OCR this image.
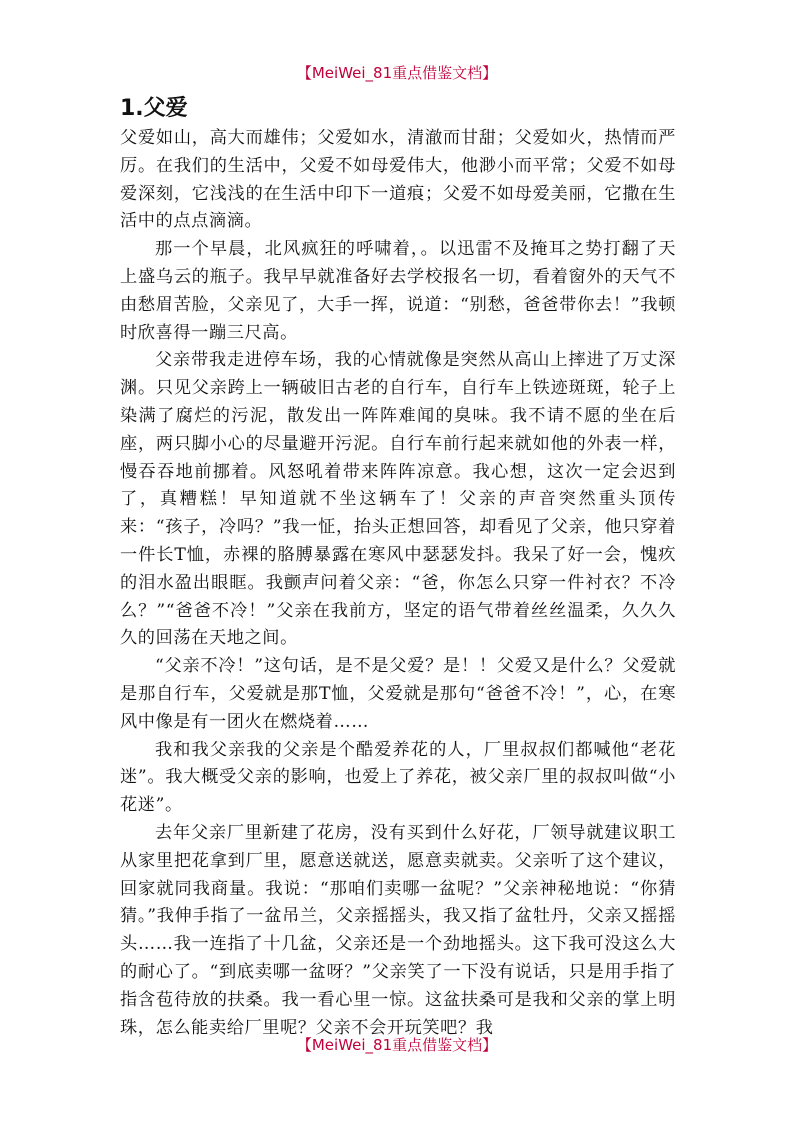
【MeiWei_81重点借鉴文档】
1.父爱

父爱如山，高大而雄伟；父爱如水，清澈而甘甜；父爱如火，热情而严厉。在我们的生活中，父爱不如母爱伟大，他渺小而平常；父爱不如母爱深刻，它浅浅的在生活中印下一道痕；父爱不如母爱美丽，它撒在生活中的点点滴滴。

那一个早晨，北风疯狂的呼啸着，。以迅雷不及掩耳之势打翻了天上盛乌云的瓶子。我早早就准备好去学校报名一切，看着窗外的天气不由愁眉苦脸，父亲见了，大手一挥，说道：“别愁，爸爸带你去！”我顿时欣喜得一蹦三尺高。

父亲带我走进停车场，我的心情就像是突然从高山上摔进了万丈深渊。只见父亲跨上一辆破旧古老的自行车，自行车上铁迹斑斑，轮子上染满了腐烂的污泥，散发出一阵阵难闻的臭味。我不请不愿的坐在后座，两只脚小心的尽量避开污泥。自行车前行起来就如他的外表一样，慢吞吞地前挪着。风怒吼着带来阵阵凉意。我心想，这次一定会迟到了，真糟糕！早知道就不坐这辆车了！父亲的声音突然重头顶传来：“孩子，冷吗？”我一怔，抬头正想回答，却看见了父亲，他只穿着一件长T恤，赤裸的胳膊暴露在寒风中瑟瑟发抖。我呆了好一会，愧疚的泪水盈出眼眶。我颤声问着父亲：“爸，你怎么只穿一件衬衣？不冷么？”“爸爸不冷！”父亲在我前方，坚定的语气带着丝丝温柔，久久久久的回荡在天地之间。

“父亲不冷！”这句话，是不是父爱？是！！父爱又是什么？父爱就是那自行车，父爱就是那T恤，父爱就是那句“爸爸不冷！”，心，在寒风中像是有一团火在燃烧着……

我和我父亲我的父亲是个酷爱养花的人，厂里叔叔们都喊他“老花迷”。我大概受父亲的影响，也爱上了养花，被父亲厂里的叔叔叫做“小花迷”。

去年父亲厂里新建了花房，没有买到什么好花，厂领导就建议职工从家里把花拿到厂里，愿意送就送，愿意卖就卖。父亲听了这个建议，回家就同我商量。我说：“那咱们卖哪一盆呢？”父亲神秘地说：“你猜猜。”我伸手指了一盆吊兰，父亲摇摇头，我又指了盆牡丹，父亲又摇摇头……我一连指了十几盆，父亲还是一个劲地摇头。这下我可没这么大的耐心了。“到底卖哪一盆呀？”父亲笑了一下没有说话，只是用手指了指含苞待放的扶桑。我一看心里一惊。这盆扶桑可是我和父亲的掌上明珠，怎么能卖给厂里呢？父亲不会开玩笑吧？我

【MeiWei_81重点借鉴文档】
